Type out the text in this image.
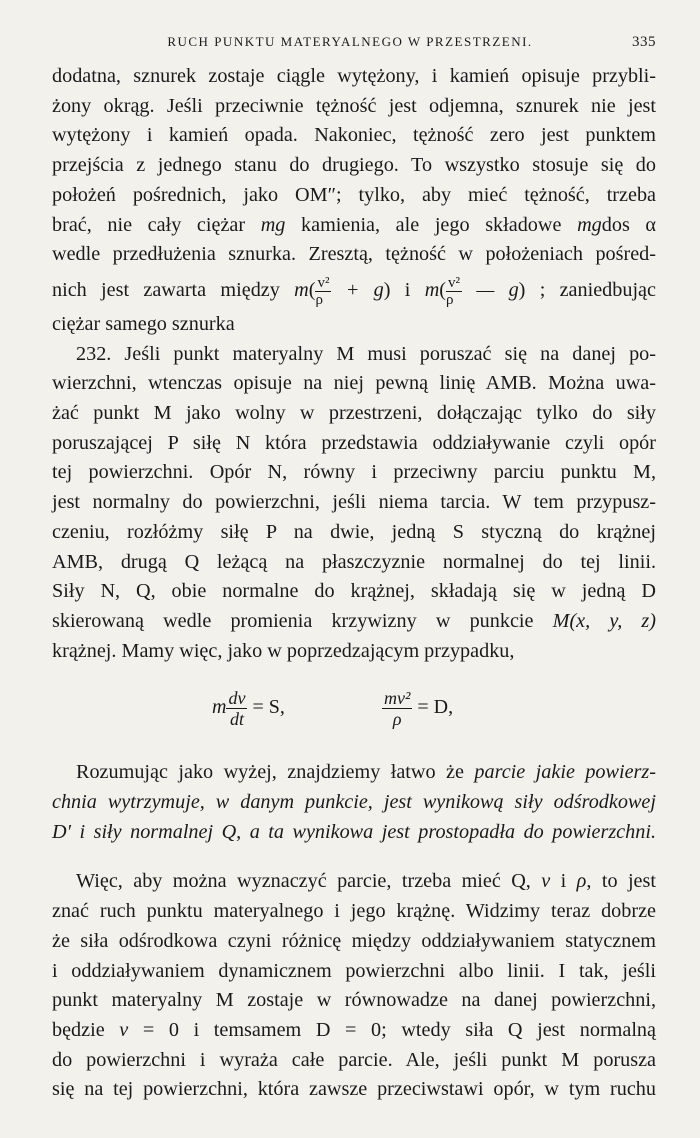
RUCH PUNKTU MATERYALNEGO W PRZESTRZENI.	335

dodatna, sznurek zostaje ciągle wytężony, i kamień opisuje przybli-
żony okrąg. Jeśli przeciwnie tężność jest odjemna, sznurek nie jest
wytężony i kamień opada. Nakoniec, tężność zero jest punktem
przejścia z jednego stanu do drugiego. To wszystko stosuje się do
położeń pośrednich, jako OM″; tylko, aby mieć tężność, trzeba
brać, nie cały ciężar mg kamienia, ale jego składowe mgdos α
wedle przedłużenia sznurka. Zresztą, tężność w położeniach pośred-
nich jest zawarta między $m( \frac{\text{v²}}{\rho} + g)$ i $m( \frac{\text{v²}}{\rho}$ — g) ; zaniedbując
ciężar samego sznurka

232. Jeśli punkt materyalny M musi poruszać się na danej po-
wierzchni, wtenczas opisuje na niej pewną linię AMB. Można uwa-
żać punkt M jako wolny w przestrzeni, dołączając tylko do siły
poruszającej P siłę N która przedstawia oddziaływanie czyli opór
tej powierzchni. Opór N, równy i przeciwny parciu punktu M,
jest normalny do powierzchni, jeśli niema tarcia. W tem przypusz-
czeniu, rozłóżmy siłę P na dwie, jedną S styczną do krążnej
AMB, drugą Q leżącą na płaszczyznie normalnej do tej linii.
Siły N, Q, obie normalne do krążnej, składają się w jedną D
skierowaną wedle promienia krzywizny w punkcie M(x, y, z)
krążnej. Mamy więc, jako w poprzedzającym przypadku,

m $\frac{dv}{dt} = S$,	$\frac{\text{mv²}}{\rho} = D$,

Rozumując jako wyżej, znajdziemy łatwo że parcie jakie powierz-
chnia wytrzymuje, w danym punkcie, jest wynikową siły odśrodkowej
D′ i siły normalnej Q, a ta wynikowa jest prostopadła do powierzchni.

Więc, aby można wyznaczyć parcie, trzeba mieć Q, v i ρ, to jest
znać ruch punktu materyalnego i jego krążnę. Widzimy teraz dobrze
że siła odśrodkowa czyni różnicę między oddziaływaniem statycznem
i oddziaływaniem dynamicznem powierzchni albo linii. I tak, jeśli
punkt materyalny M zostaje w równowadze na danej powierzchni,
będzie v = 0 i temsamem D = 0; wtedy siła Q jest normalną
do powierzchni i wyraża całe parcie. Ale, jeśli punkt M porusza
się na tej powierzchni, która zawsze przeciwstawi opór, w tym ruchu
